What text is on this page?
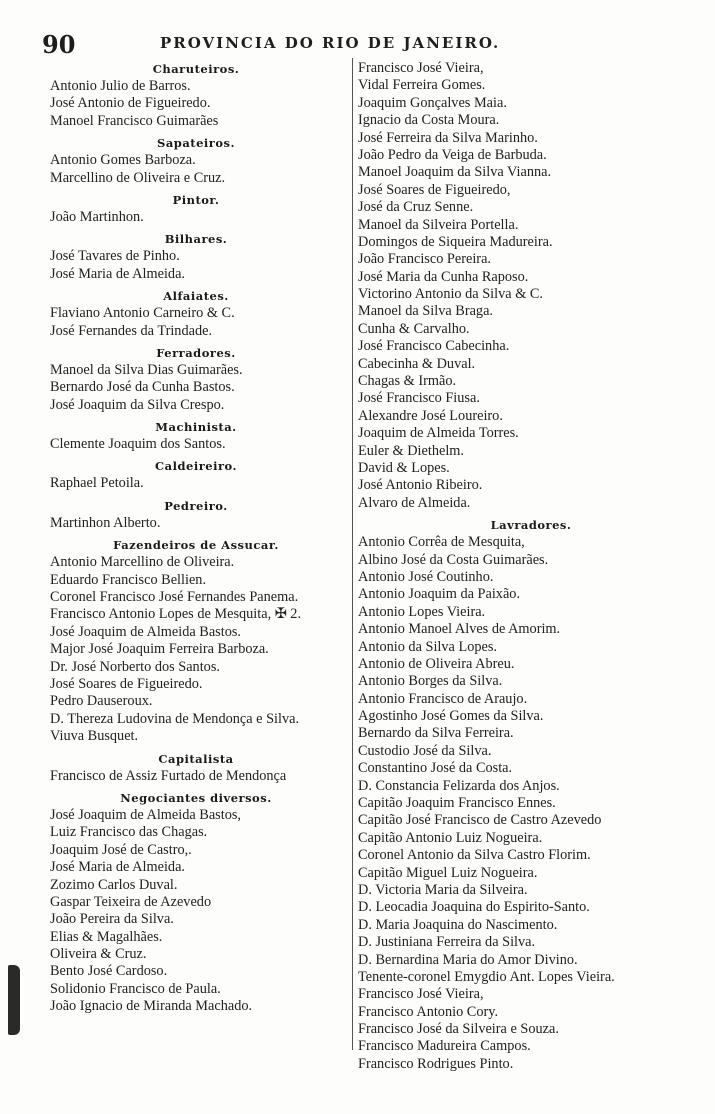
90	PROVINCIA DO RIO DE JANEIRO.
Charuteiros.
Antonio Julio de Barros.
José Antonio de Figueiredo.
Manoel Francisco Guimarães
Sapateiros.
Antonio Gomes Barboza.
Marcellino de Oliveira e Cruz.
Pintor.
João Martinhon.
Bilhares.
José Tavares de Pinho.
José Maria de Almeida.
Alfaiates.
Flaviano Antonio Carneiro & C.
José Fernandes da Trindade.
Ferradores.
Manoel da Silva Dias Guimarães.
Bernardo José da Cunha Bastos.
José Joaquim da Silva Crespo.
Machinista.
Clemente Joaquim dos Santos.
Caldeireiro.
Raphael Petoila.
Pedreiro.
Martinhon Alberto.
Fazendeiros de Assucar.
Antonio Marcellino de Oliveira.
Eduardo Francisco Bellien.
Coronel Francisco José Fernandes Panema.
Francisco Antonio Lopes de Mesquita, ✠ 2.
José Joaquim de Almeida Bastos.
Major José Joaquim Ferreira Barboza.
Dr. José Norberto dos Santos.
José Soares de Figueiredo.
Pedro Dauseroux.
D. Thereza Ludovina de Mendonça e Silva.
Viuva Busquet.
Capitalista
Francisco de Assiz Furtado de Mendonça
Negociantes diversos.
José Joaquim de Almeida Bastos,
Luiz Francisco das Chagas.
Joaquim José de Castro,.
José Maria de Almeida.
Zozimo Carlos Duval.
Gaspar Teixeira de Azevedo
João Pereira da Silva.
Elias & Magalhães.
Oliveira & Cruz.
Bento José Cardoso.
Solidonio Francisco de Paula.
João Ignacio de Miranda Machado.
Francisco José Vieira,
Vidal Ferreira Gomes.
Joaquim Gonçalves Maia.
Ignacio da Costa Moura.
José Ferreira da Silva Marinho.
João Pedro da Veiga de Barbuda.
Manoel Joaquim da Silva Vianna.
José Soares de Figueiredo,
José da Cruz Senne.
Manoel da Silveira Portella.
Domingos de Siqueira Madureira.
João Francisco Pereira.
José Maria da Cunha Raposo.
Victorino Antonio da Silva & C.
Manoel da Silva Braga.
Cunha & Carvalho.
José Francisco Cabecinha.
Cabecinha & Duval.
Chagas & Irmão.
José Francisco Fiusa.
Alexandre José Loureiro.
Joaquim de Almeida Torres.
Euler & Diethelm.
David & Lopes.
José Antonio Ribeiro.
Alvaro de Almeida.
Lavradores.
Antonio Corrêa de Mesquita,
Albino José da Costa Guimarães.
Antonio José Coutinho.
Antonio Joaquim da Paixão.
Antonio Lopes Vieira.
Antonio Manoel Alves de Amorim.
Antonio da Silva Lopes.
Antonio de Oliveira Abreu.
Antonio Borges da Silva.
Antonio Francisco de Araujo.
Agostinho José Gomes da Silva.
Bernardo da Silva Ferreira.
Custodio José da Silva.
Constantino José da Costa.
D. Constancia Felizarda dos Anjos.
Capitão Joaquim Francisco Ennes.
Capitão José Francisco de Castro Azevedo
Capitão Antonio Luiz Nogueira.
Coronel Antonio da Silva Castro Florim.
Capitão Miguel Luiz Nogueira.
D. Victoria Maria da Silveira.
D. Leocadia Joaquina do Espirito-Santo.
D. Maria Joaquina do Nascimento.
D. Justiniana Ferreira da Silva.
D. Bernardina Maria do Amor Divino.
Tenente-coronel Emygdio Ant. Lopes Vieira.
Francisco José Vieira,
Francisco Antonio Cory.
Francisco José da Silveira e Souza.
Francisco Madureira Campos.
Francisco Rodrigues Pinto.
